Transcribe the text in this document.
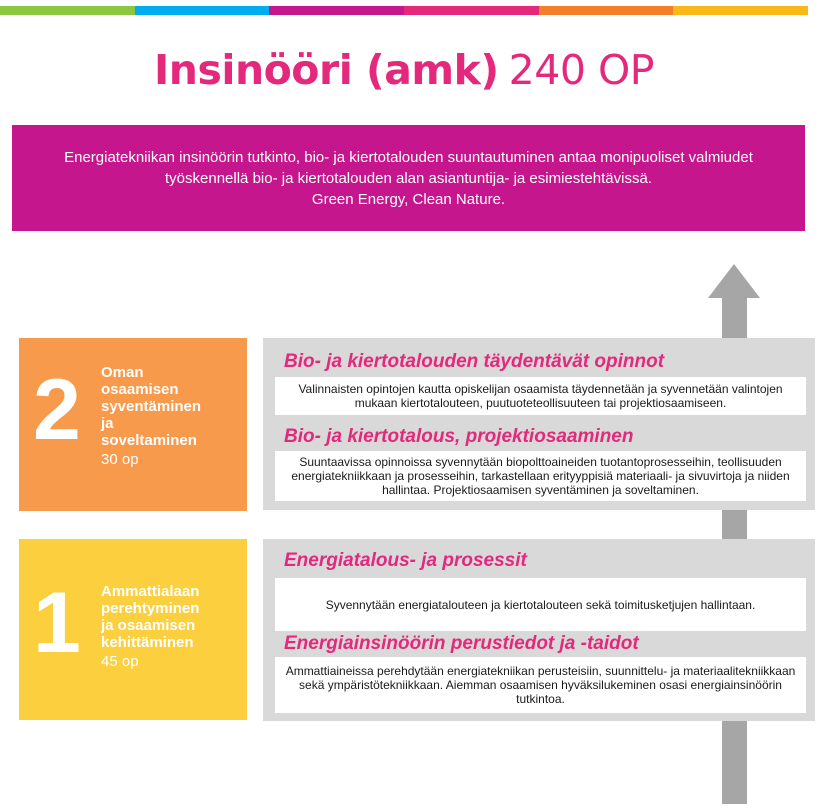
Insinööri (amk) 240 OP
Energiatekniikan insinöörin tutkinto, bio- ja kiertotalouden suuntautuminen antaa monipuoliset valmiudet työskennellä bio- ja kiertotalouden alan asiantuntija- ja esimiestehtävissä.
Green Energy, Clean Nature.
2 Oman
osaamisen
syventäminen
ja
soveltaminen
30 op
Bio- ja kiertotalouden täydentävät opinnot
Valinnaisten opintojen kautta opiskelijan osaamista täydennetään ja syvennetään valintojen mukaan kiertotalouteen, puutuoteteollisuuteen tai projektiosaamiseen.
Bio- ja kiertotalous, projektiosaaminen
Suuntaavissa opinnoissa syvennytään biopolttoaineiden tuotantoprosesseihin, teollisuuden energiatekniikkaan ja prosesseihin, tarkastellaan erityyppisiä materiaali- ja sivuvirtoja ja niiden hallintaa. Projektiosaamisen syventäminen ja soveltaminen.
1 Ammattialaan
perehtyminen
ja osaamisen
kehittäminen
45 op
Energiatalous- ja prosessit
Syvennytään energiatalouteen ja kiertotalouteen sekä toimitusketjujen hallintaan.
Energiainsinöörin perustiedot ja -taidot
Ammattiaineissa perehdytään energiatekniikan perusteisiin, suunnittelu- ja materiaalitekniikkaan sekä ympäristötekniikkaan. Aiemman osaamisen hyväksilukeminen osasi energiainsinöörin tutkintoa.
